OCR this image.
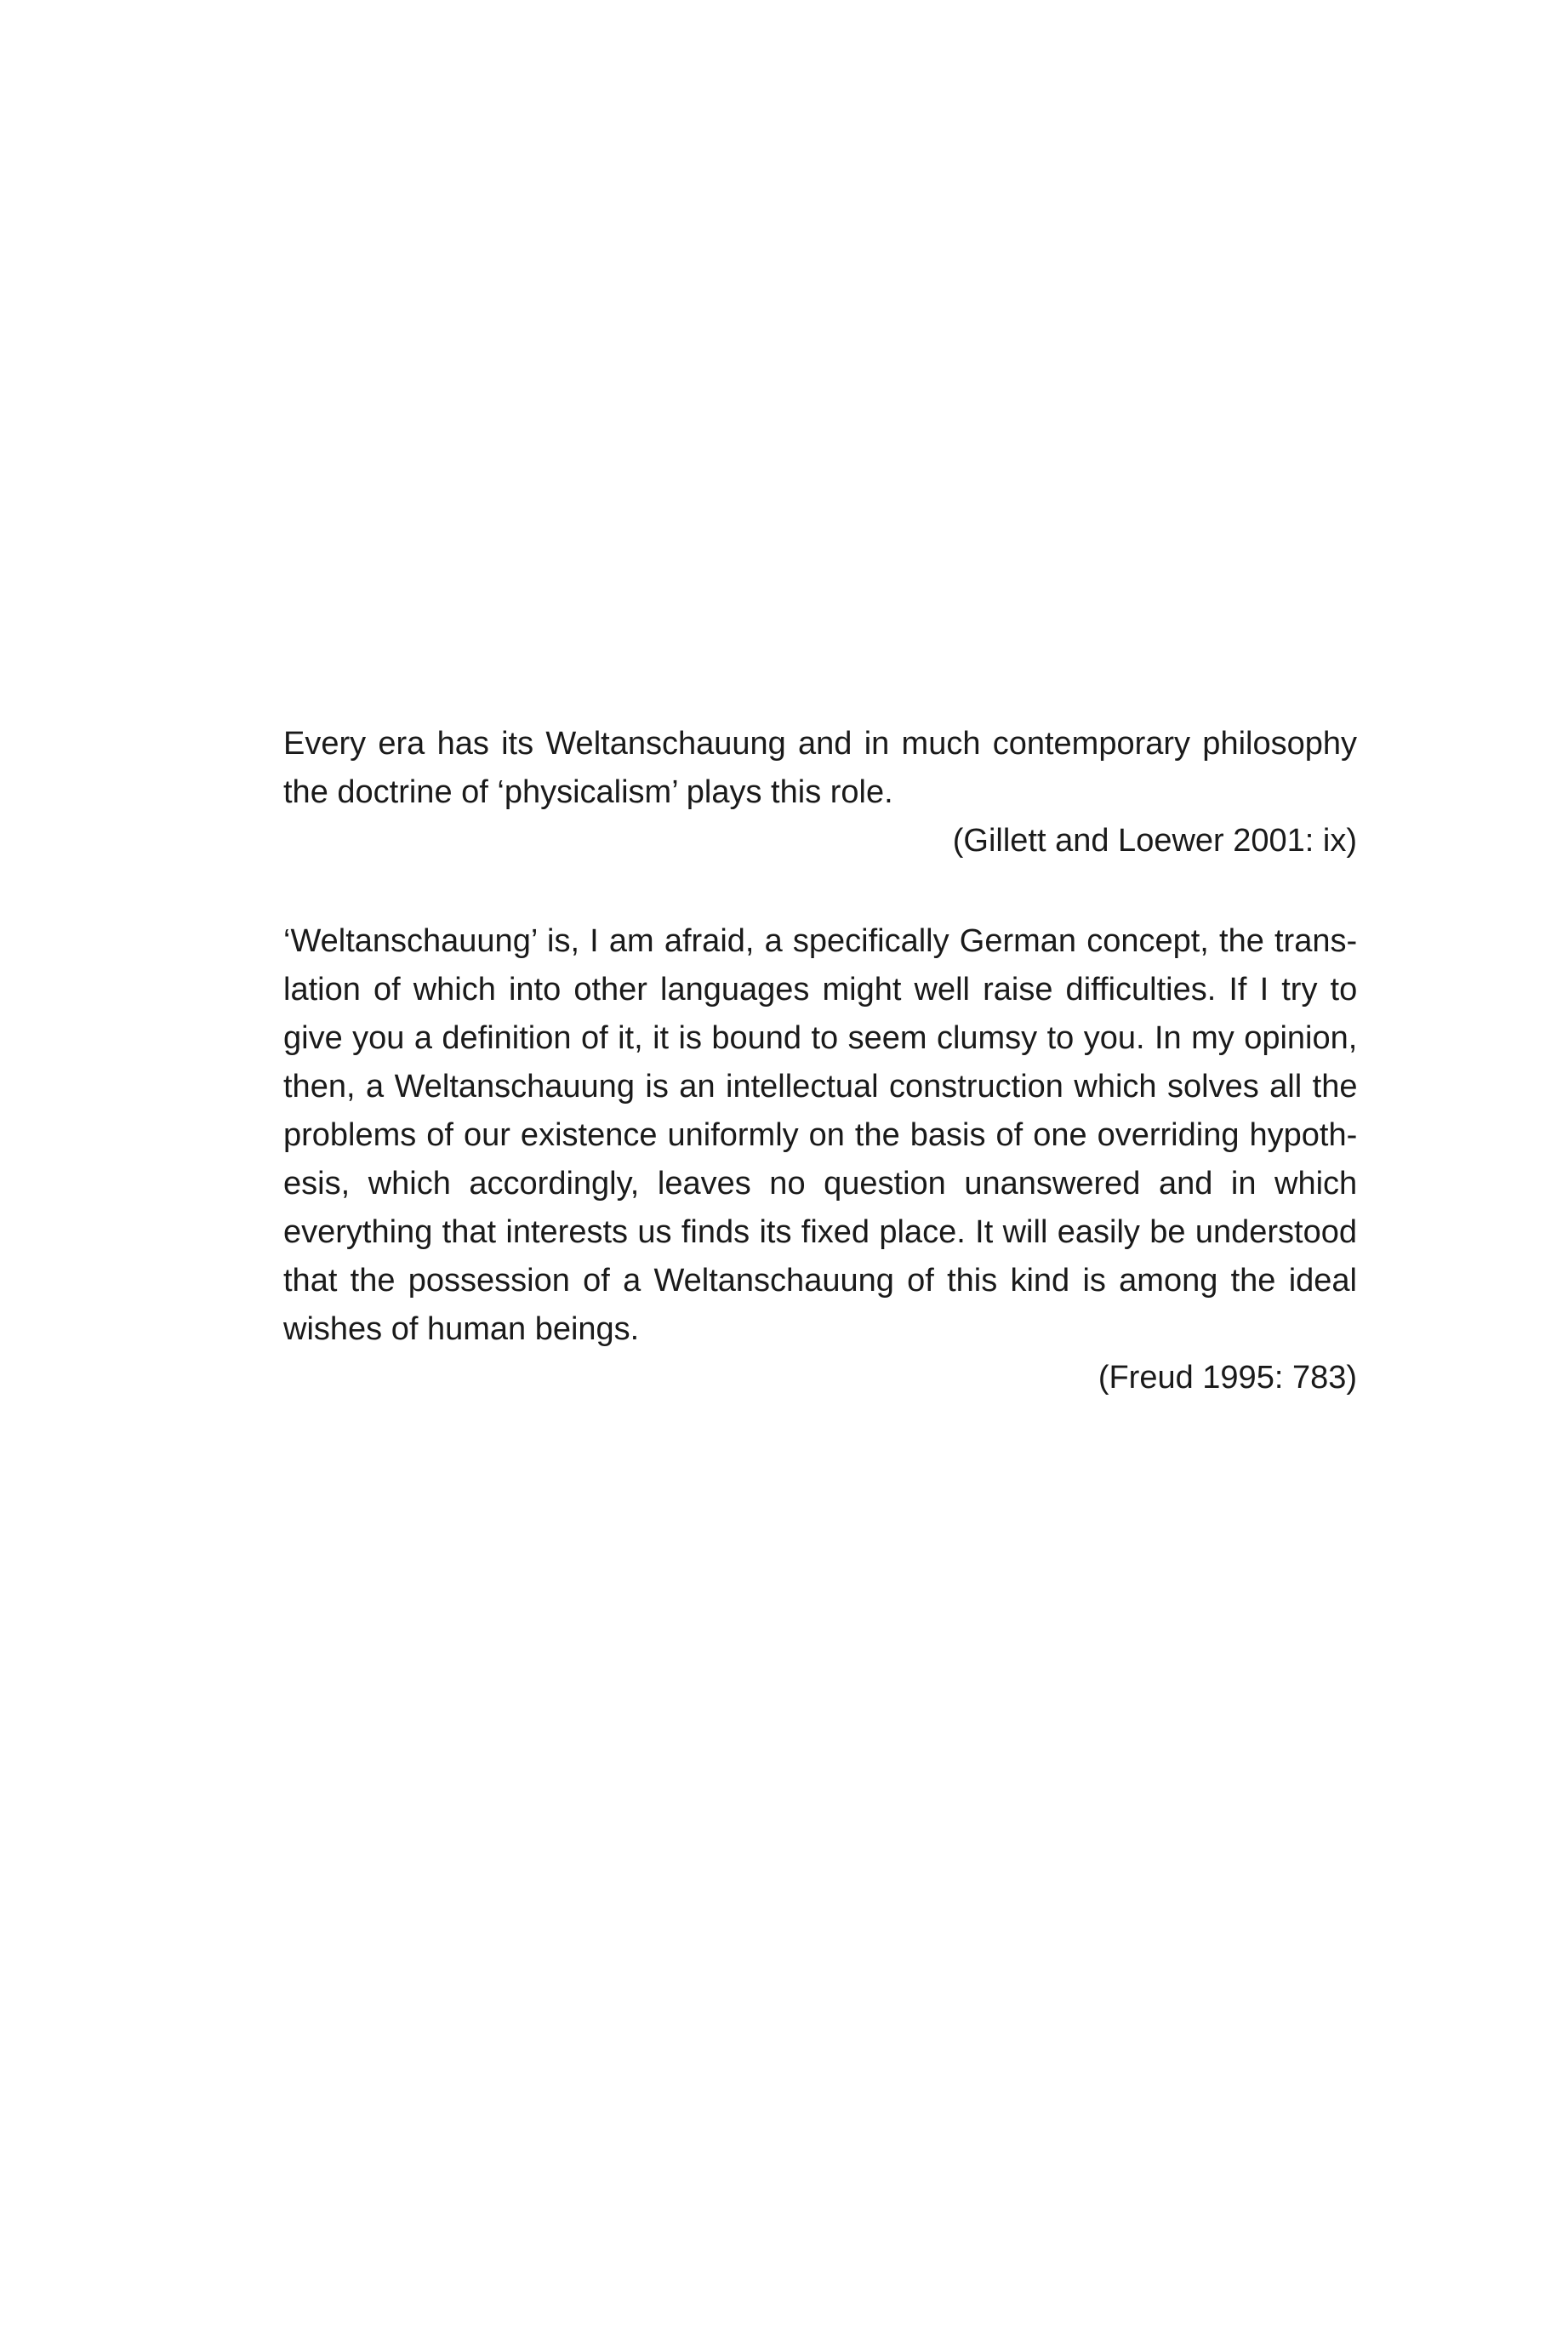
Every era has its Weltanschauung and in much contemporary philosophy
the doctrine of ‘physicalism’ plays this role.
(Gillett and Loewer 2001: ix)
‘Weltanschauung’ is, I am afraid, a specifically German concept, the trans-
lation of which into other languages might well raise difficulties. If I try to
give you a definition of it, it is bound to seem clumsy to you. In my opinion,
then, a Weltanschauung is an intellectual construction which solves all the
problems of our existence uniformly on the basis of one overriding hypoth-
esis, which accordingly, leaves no question unanswered and in which
everything that interests us finds its fixed place. It will easily be understood
that the possession of a Weltanschauung of this kind is among the ideal
wishes of human beings.
(Freud 1995: 783)
